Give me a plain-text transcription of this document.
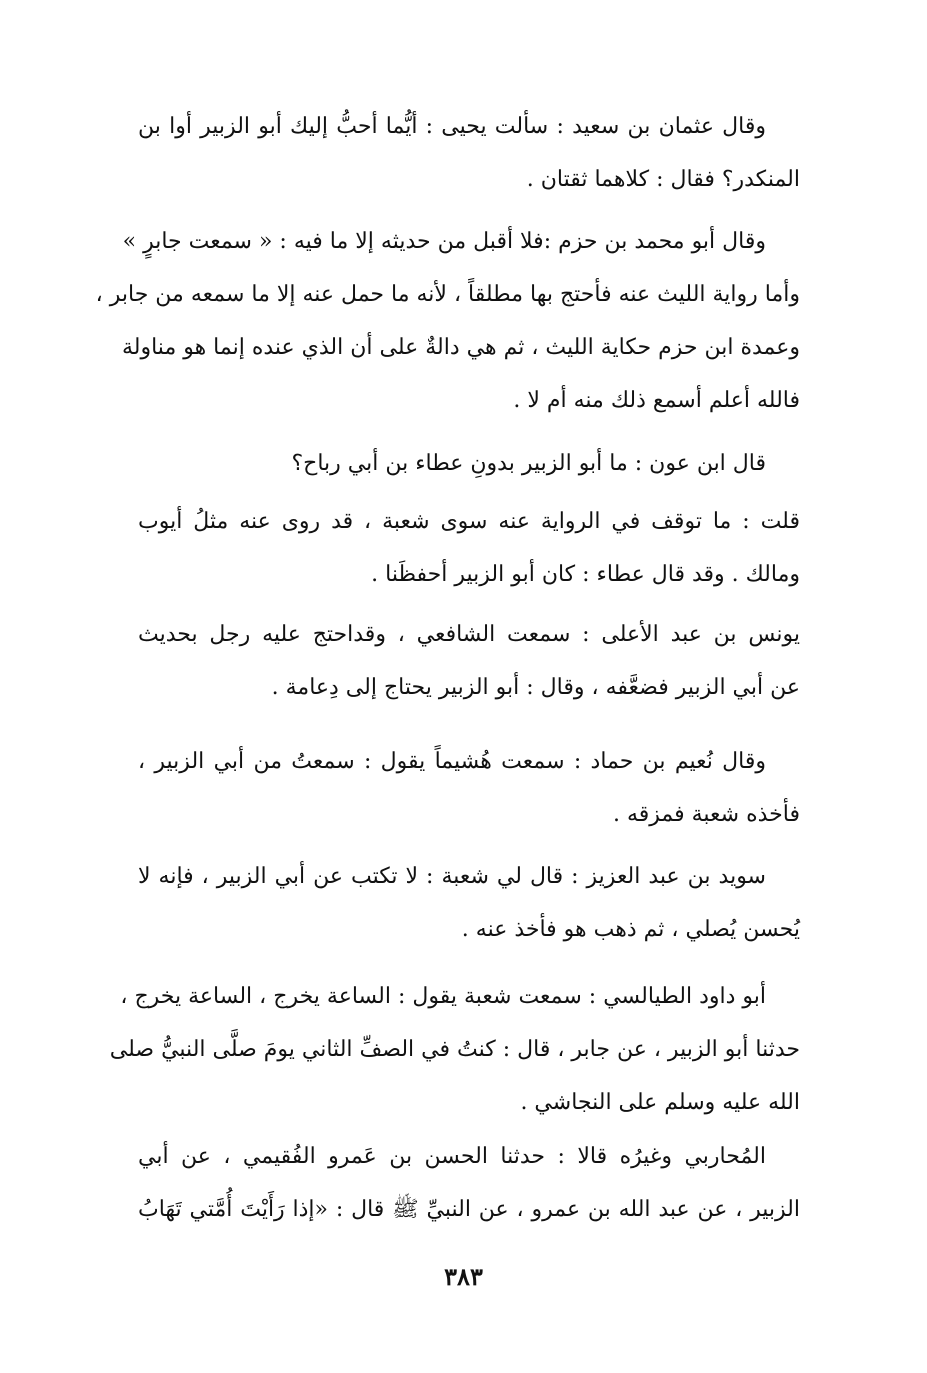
وقال عثمان بن سعيد : سألت يحيى : أيُّما أحبُّ إليك أبو الزبير أوا بن
المنكدر؟ فقال : كلاهما ثقتان .
وقال أبو محمد بن حزم :فلا أقبل من حديثه إلا ما فيه : « سمعت جابرٍ »
وأما رواية الليث عنه فأحتج بها مطلقاً ، لأنه ما حمل عنه إلا ما سمعه من جابر ،
وعمدة ابن حزم حكاية الليث ، ثم هي دالةٌ على أن الذي عنده إنما هو مناولة
فالله أعلم أسمع ذلك منه أم لا .
قال ابن عون : ما أبو الزبير بدونِ عطاء بن أبي رباح؟
قلت : ما توقف في الرواية عنه سوى شعبة ، قد روى عنه مثلُ أيوب
ومالك . وقد قال عطاء : كان أبو الزبير أحفظَنا .
يونس بن عبد الأعلى : سمعت الشافعي ، وقداحتج عليه رجل بحديث
عن أبي الزبير فضعَّفه ، وقال : أبو الزبير يحتاج إلى دِعامة .
وقال نُعيم بن حماد : سمعت هُشيماً يقول : سمعتُ من أبي الزبير ،
فأخذه شعبة فمزقه .
سويد بن عبد العزيز : قال لي شعبة : لا تكتب عن أبي الزبير ، فإنه لا
يُحسن يُصلي ، ثم ذهب هو فأخذ عنه .
أبو داود الطيالسي : سمعت شعبة يقول : الساعة يخرج ، الساعة يخرج ،
حدثنا أبو الزبير ، عن جابر ، قال : كنتُ في الصفِّ الثاني يومَ صلَّى النبيُّ صلى
الله عليه وسلم على النجاشي .
المُحاربي وغيرُه قالا : حدثنا الحسن بن عَمرو الفُقيمي ، عن أبي
الزبير ، عن عبد الله بن عمرو ، عن النبيِّ ﷺ قال : «إذا رَأَيْتَ أُمَّتي تَهَابُ
٣٨٣
